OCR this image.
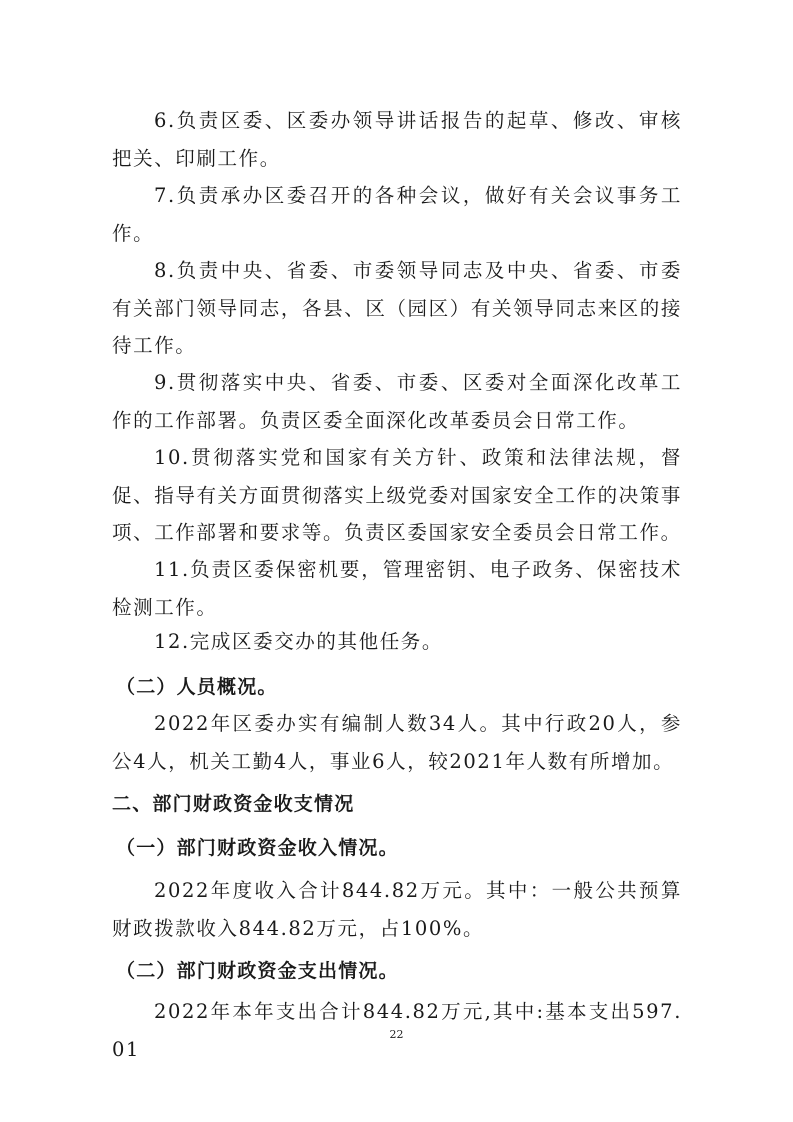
6.负责区委、区委办领导讲话报告的起草、修改、审核把关、印刷工作。

7.负责承办区委召开的各种会议，做好有关会议事务工作。

8.负责中央、省委、市委领导同志及中央、省委、市委有关部门领导同志，各县、区（园区）有关领导同志来区的接待工作。

9.贯彻落实中央、省委、市委、区委对全面深化改革工作的工作部署。负责区委全面深化改革委员会日常工作。

10.贯彻落实党和国家有关方针、政策和法律法规，督促、指导有关方面贯彻落实上级党委对国家安全工作的决策事项、工作部署和要求等。负责区委国家安全委员会日常工作。

11.负责区委保密机要，管理密钥、电子政务、保密技术检测工作。

12.完成区委交办的其他任务。

（二）人员概况。

2022年区委办实有编制人数34人。其中行政20人，参公4人，机关工勤4人，事业6人，较2021年人数有所增加。

二、部门财政资金收支情况
（一）部门财政资金收入情况。

2022年度收入合计844.82万元。其中：一般公共预算财政拨款收入844.82万元，占100%。

（二）部门财政资金支出情况。

2022年本年支出合计844.82万元,其中:基本支出597.01

22
